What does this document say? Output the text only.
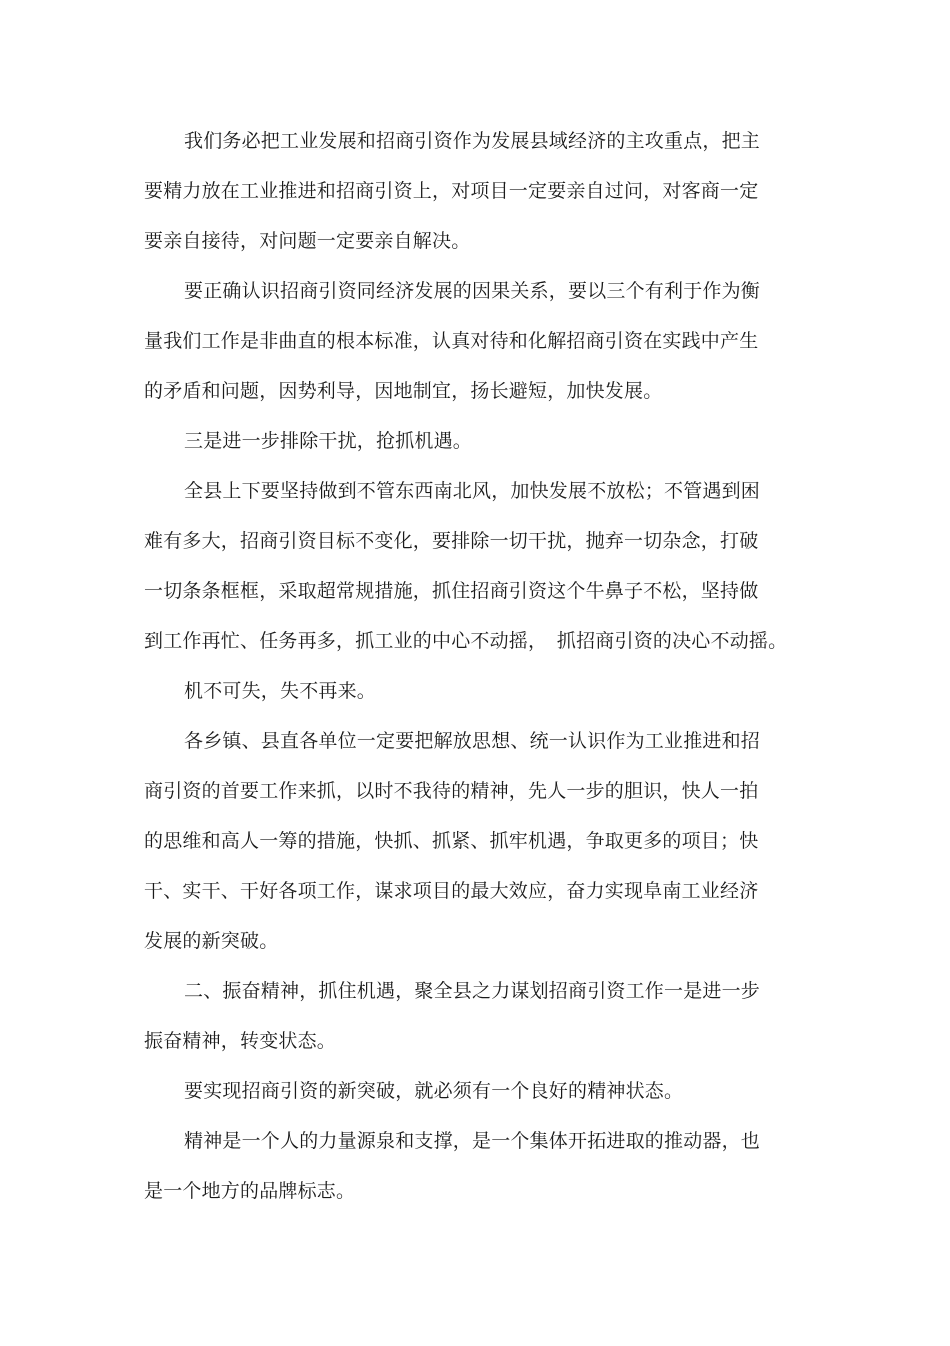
我们务必把工业发展和招商引资作为发展县域经济的主攻重点，把主
要精力放在工业推进和招商引资上，对项目一定要亲自过问，对客商一定
要亲自接待，对问题一定要亲自解决。
要正确认识招商引资同经济发展的因果关系，要以三个有利于作为衡
量我们工作是非曲直的根本标准，认真对待和化解招商引资在实践中产生
的矛盾和问题，因势利导，因地制宜，扬长避短，加快发展。
三是进一步排除干扰，抢抓机遇。
全县上下要坚持做到不管东西南北风，加快发展不放松；不管遇到困
难有多大，招商引资目标不变化，要排除一切干扰，抛弃一切杂念，打破
一切条条框框，采取超常规措施，抓住招商引资这个牛鼻子不松，坚持做
到工作再忙、任务再多，抓工业的中心不动摇，　抓招商引资的决心不动摇。
机不可失，失不再来。
各乡镇、县直各单位一定要把解放思想、统一认识作为工业推进和招
商引资的首要工作来抓，以时不我待的精神，先人一步的胆识，快人一拍
的思维和高人一筹的措施，快抓、抓紧、抓牢机遇，争取更多的项目；快
干、实干、干好各项工作，谋求项目的最大效应，奋力实现阜南工业经济
发展的新突破。
二、振奋精神，抓住机遇，聚全县之力谋划招商引资工作一是进一步
振奋精神，转变状态。
要实现招商引资的新突破，就必须有一个良好的精神状态。
精神是一个人的力量源泉和支撑，是一个集体开拓进取的推动器，也
是一个地方的品牌标志。
